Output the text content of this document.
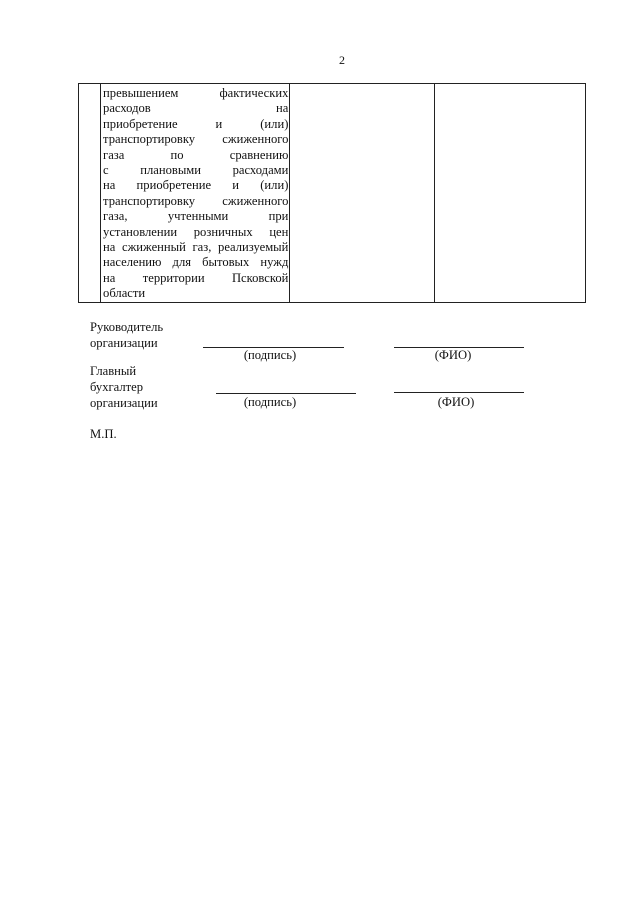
2

превышением фактических
расходов на
приобретение и (или)
транспортировку сжиженного
газа по сравнению
с плановыми расходами
на приобретение и (или)
транспортировку сжиженного
газа, учтенными при
установлении розничных цен
на сжиженный газ, реализуемый
населению для бытовых нужд
на территории Псковской
области

Руководитель
организации
(подпись)	(ФИО)
Главный
бухгалтер
организации	(подпись)	(ФИО)
М.П.
